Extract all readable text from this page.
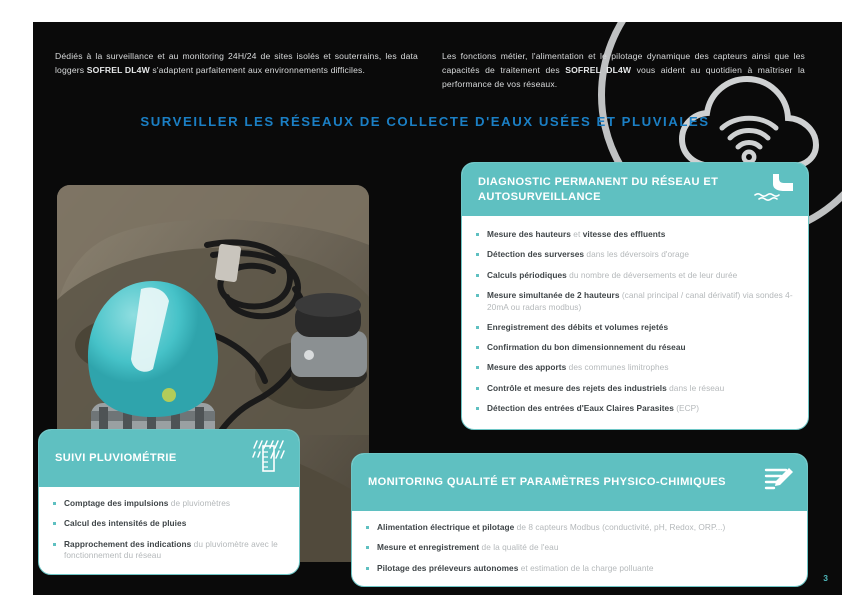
Dédiés à la surveillance et au monitoring 24H/24 de sites isolés et souterrains, les data loggers SOFREL DL4W s'adaptent parfaitement aux environnements difficiles.

Les fonctions métier, l'alimentation et le pilotage dynamique des capteurs ainsi que les capacités de traitement des SOFREL DL4W vous aident au quotidien à maîtriser la performance de vos réseaux.

SURVEILLER LES RÉSEAUX DE COLLECTE D'EAUX USÉES ET PLUVIALES
DIAGNOSTIC PERMANENT DU RÉSEAU ET AUTOSURVEILLANCE
Mesure des hauteurs et vitesse des effluents
Détection des surverses dans les déversoirs d'orage
Calculs périodiques du nombre de déversements et de leur durée
Mesure simultanée de 2 hauteurs (canal principal / canal dérivatif) via sondes 4-20mA ou radars modbus)
Enregistrement des débits et volumes rejetés
Confirmation du bon dimensionnement du réseau
Mesure des apports des communes limitrophes
Contrôle et mesure des rejets des industriels dans le réseau
Détection des entrées d'Eaux Claires Parasites (ECP)
SUIVI PLUVIOMÉTRIE
Comptage des impulsions de pluviomètres
Calcul des intensités de pluies
Rapprochement des indications du pluviomètre avec le fonctionnement du réseau
MONITORING QUALITÉ ET PARAMÈTRES PHYSICO-CHIMIQUES
Alimentation électrique et pilotage de 8 capteurs Modbus (conductivité, pH, Redox, ORP...)
Mesure et enregistrement de la qualité de l'eau
Pilotage des préleveurs autonomes et estimation de la charge polluante
3
